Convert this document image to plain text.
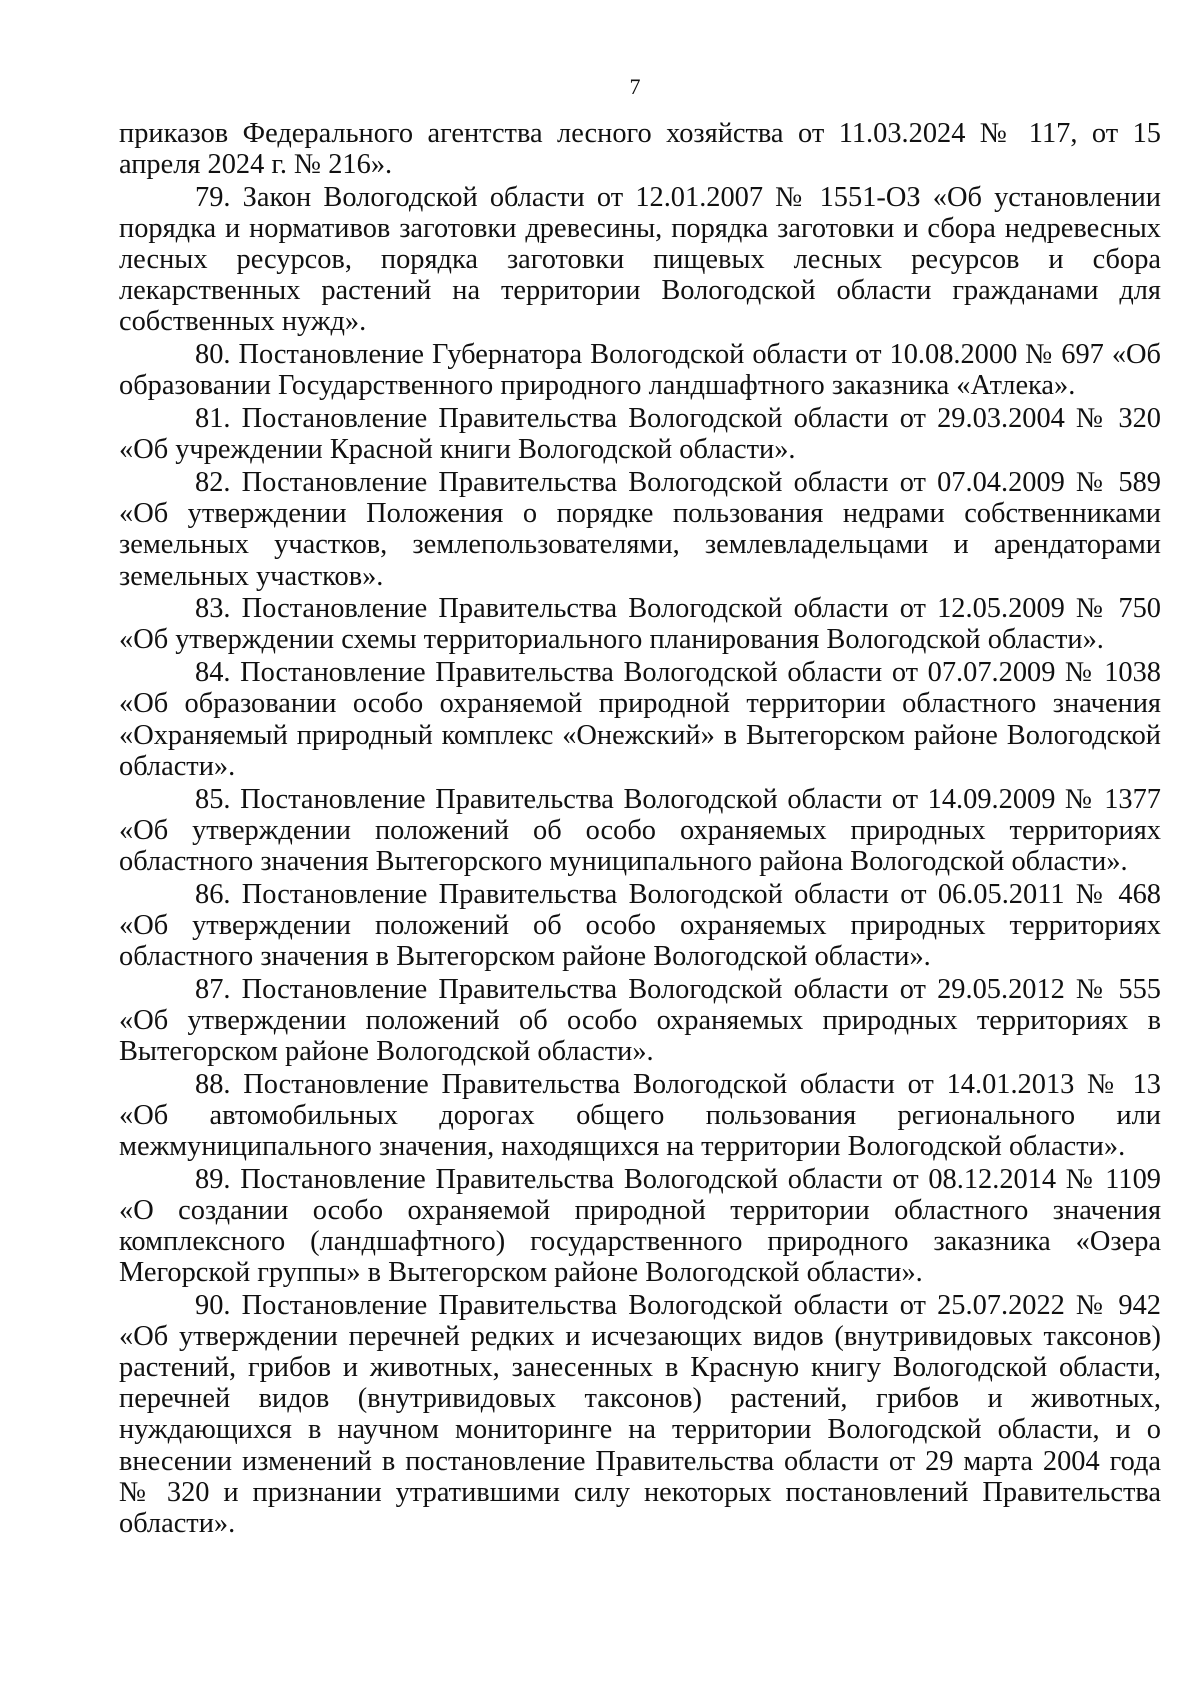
7

приказов Федерального агентства лесного хозяйства от 11.03.2024 № 117, от 15 апреля 2024 г. № 216».

79. Закон Вологодской области от 12.01.2007 № 1551-ОЗ «Об установлении порядка и нормативов заготовки древесины, порядка заготовки и сбора недревесных лесных ресурсов, порядка заготовки пищевых лесных ресурсов и сбора лекарственных растений на территории Вологодской области гражданами для собственных нужд».

80. Постановление Губернатора Вологодской области от 10.08.2000 № 697 «Об образовании Государственного природного ландшафтного заказника «Атлека».

81. Постановление Правительства Вологодской области от 29.03.2004 № 320 «Об учреждении Красной книги Вологодской области».

82. Постановление Правительства Вологодской области от 07.04.2009 № 589 «Об утверждении Положения о порядке пользования недрами собственниками земельных участков, землепользователями, землевладельцами и арендаторами земельных участков».

83. Постановление Правительства Вологодской области от 12.05.2009 № 750 «Об утверждении схемы территориального планирования Вологодской области».

84. Постановление Правительства Вологодской области от 07.07.2009 № 1038 «Об образовании особо охраняемой природной территории областного значения «Охраняемый природный комплекс «Онежский» в Вытегорском районе Вологодской области».

85. Постановление Правительства Вологодской области от 14.09.2009 № 1377 «Об утверждении положений об особо охраняемых природных территориях областного значения Вытегорского муниципального района Вологодской области».

86. Постановление Правительства Вологодской области от 06.05.2011 № 468 «Об утверждении положений об особо охраняемых природных территориях областного значения в Вытегорском районе Вологодской области».

87. Постановление Правительства Вологодской области от 29.05.2012 № 555 «Об утверждении положений об особо охраняемых природных территориях в Вытегорском районе Вологодской области».

88. Постановление Правительства Вологодской области от 14.01.2013 № 13 «Об автомобильных дорогах общего пользования регионального или межмуниципального значения, находящихся на территории Вологодской области».

89. Постановление Правительства Вологодской области от 08.12.2014 № 1109 «О создании особо охраняемой природной территории областного значения комплексного (ландшафтного) государственного природного заказника «Озера Мегорской группы» в Вытегорском районе Вологодской области».

90. Постановление Правительства Вологодской области от 25.07.2022 № 942 «Об утверждении перечней редких и исчезающих видов (внутривидовых таксонов) растений, грибов и животных, занесенных в Красную книгу Вологодской области, перечней видов (внутривидовых таксонов) растений, грибов и животных, нуждающихся в научном мониторинге на территории Вологодской области, и о внесении изменений в постановление Правительства области от 29 марта 2004 года № 320 и признании утратившими силу некоторых постановлений Правительства области».
